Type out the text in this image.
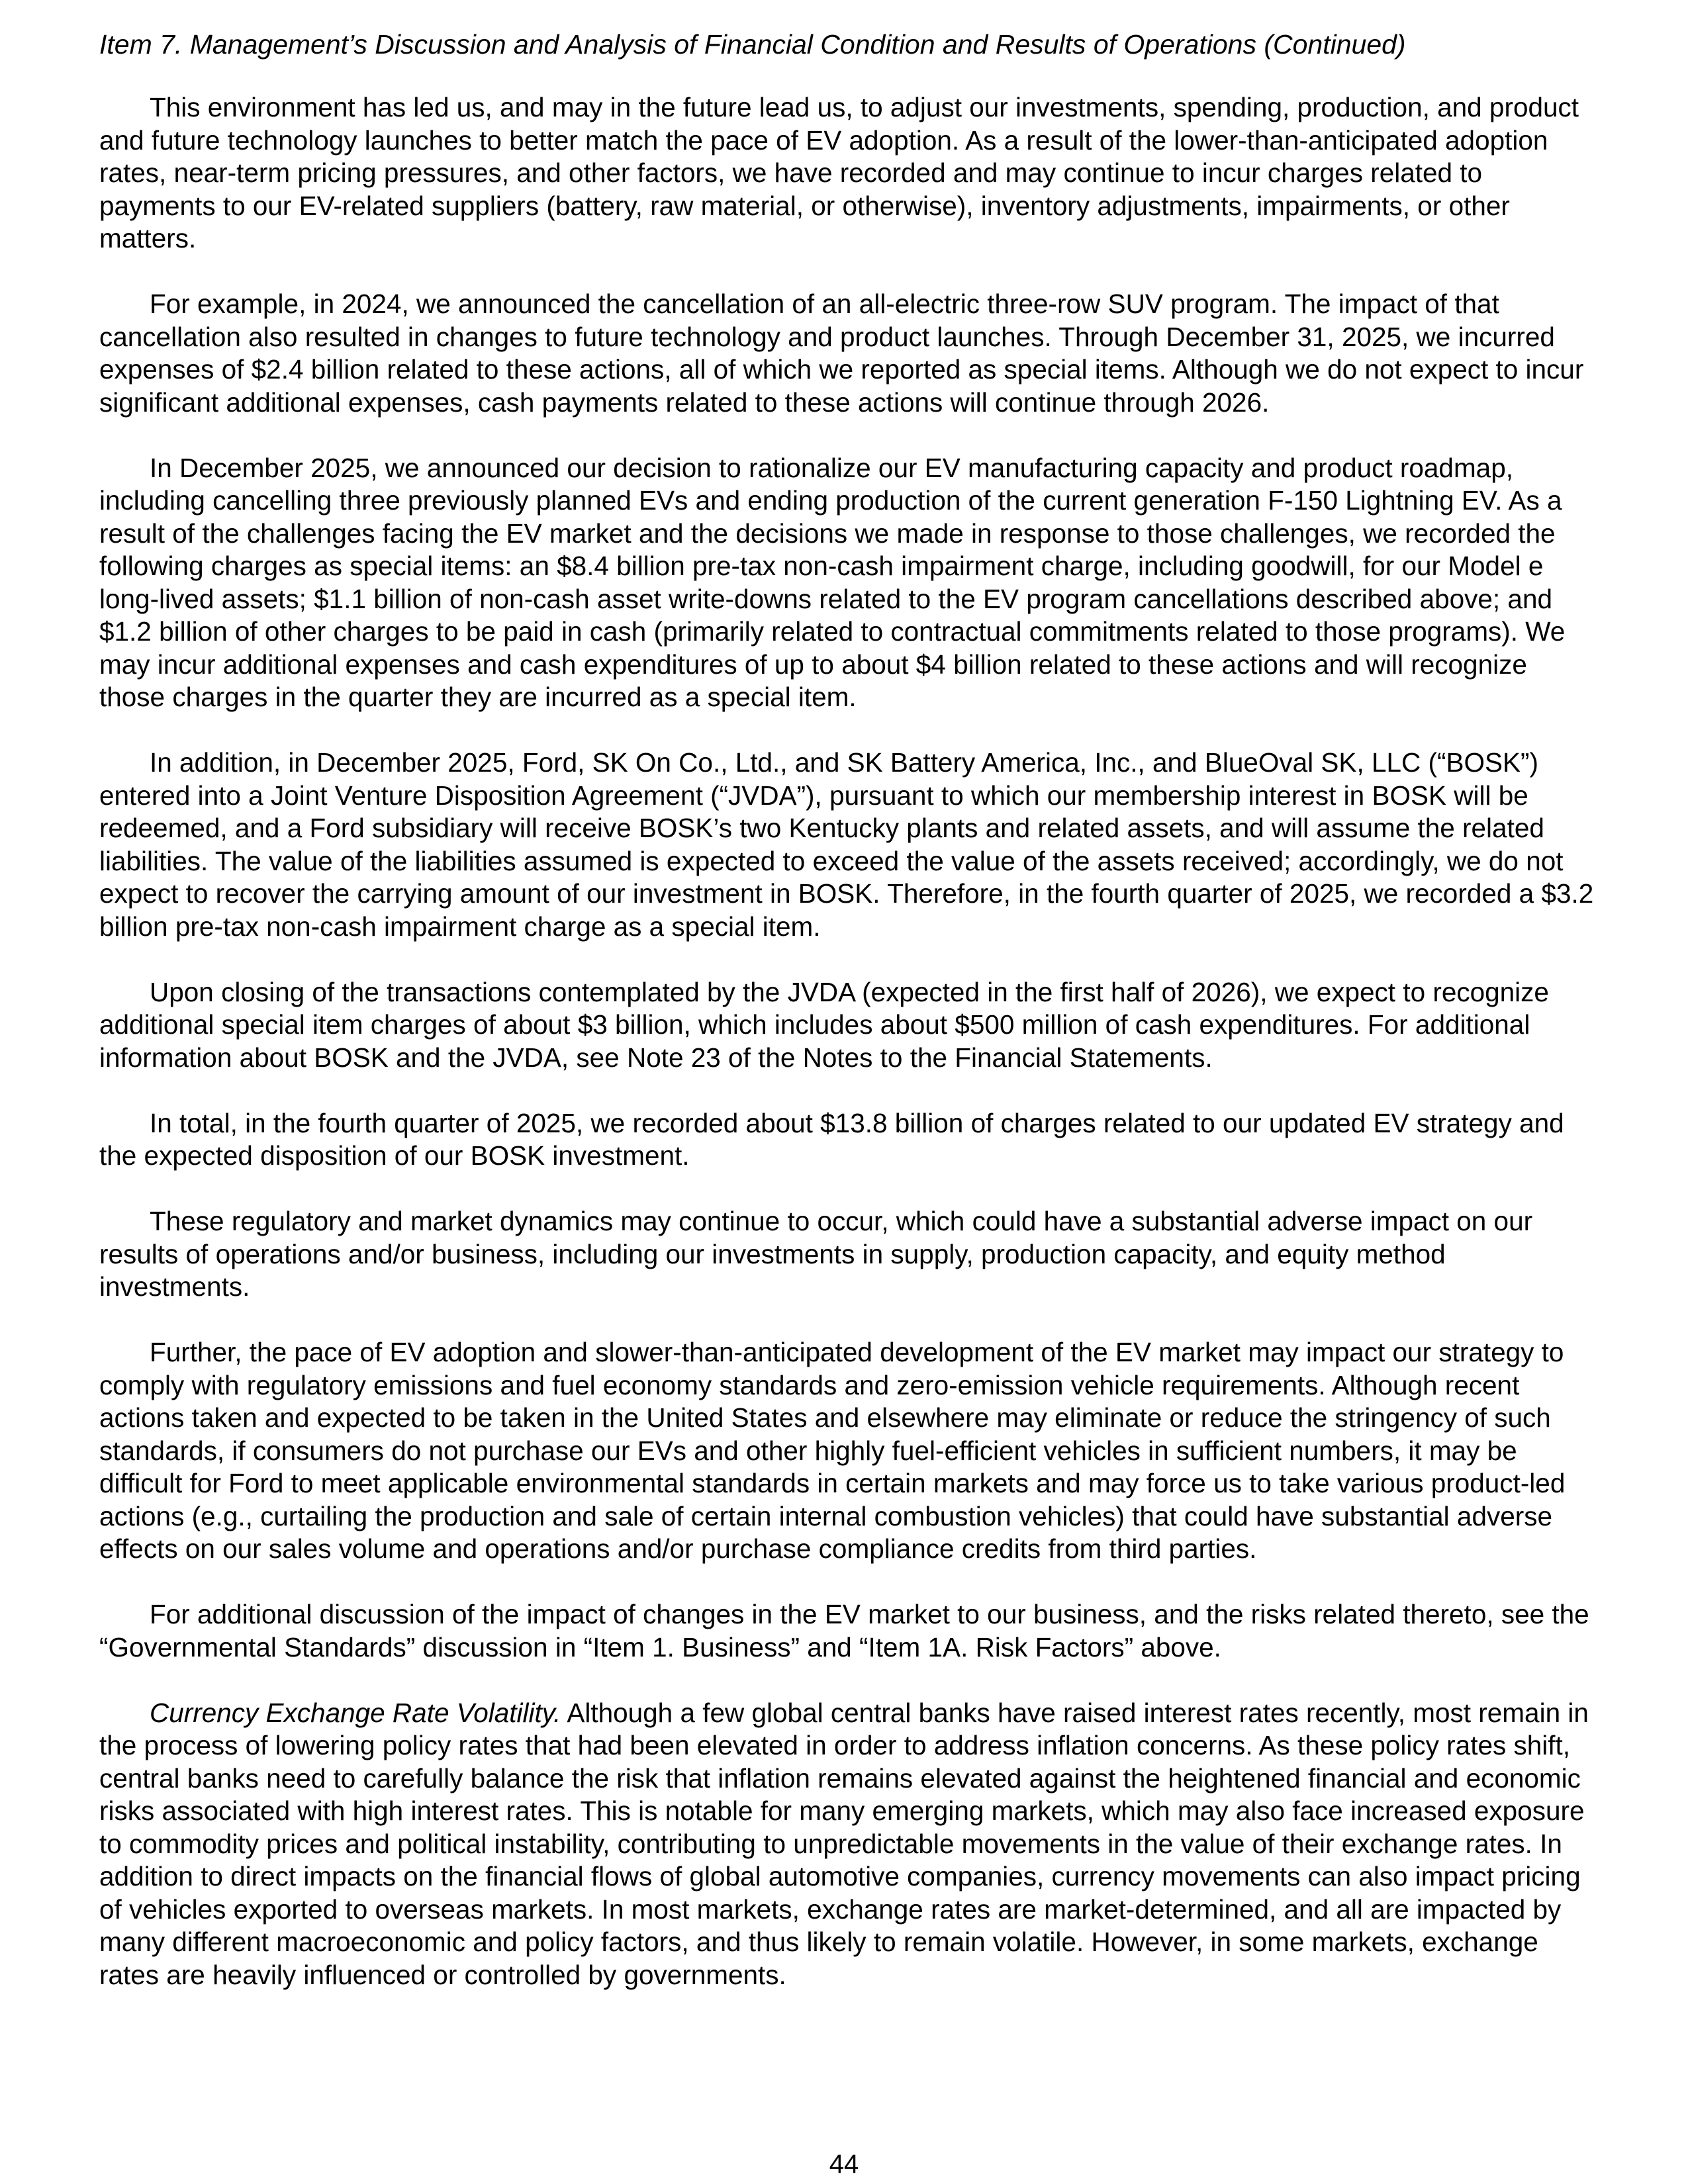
Item 7. Management’s Discussion and Analysis of Financial Condition and Results of Operations (Continued)

This environment has led us, and may in the future lead us, to adjust our investments, spending, production, and product and future technology launches to better match the pace of EV adoption. As a result of the lower-than-anticipated adoption rates, near-term pricing pressures, and other factors, we have recorded and may continue to incur charges related to payments to our EV-related suppliers (battery, raw material, or otherwise), inventory adjustments, impairments, or other matters.

For example, in 2024, we announced the cancellation of an all-electric three-row SUV program. The impact of that cancellation also resulted in changes to future technology and product launches. Through December 31, 2025, we incurred expenses of $2.4 billion related to these actions, all of which we reported as special items. Although we do not expect to incur significant additional expenses, cash payments related to these actions will continue through 2026.

In December 2025, we announced our decision to rationalize our EV manufacturing capacity and product roadmap, including cancelling three previously planned EVs and ending production of the current generation F-150 Lightning EV. As a result of the challenges facing the EV market and the decisions we made in response to those challenges, we recorded the following charges as special items: an $8.4 billion pre-tax non-cash impairment charge, including goodwill, for our Model e long-lived assets; $1.1 billion of non-cash asset write-downs related to the EV program cancellations described above; and $1.2 billion of other charges to be paid in cash (primarily related to contractual commitments related to those programs). We may incur additional expenses and cash expenditures of up to about $4 billion related to these actions and will recognize those charges in the quarter they are incurred as a special item.

In addition, in December 2025, Ford, SK On Co., Ltd., and SK Battery America, Inc., and BlueOval SK, LLC (“BOSK”) entered into a Joint Venture Disposition Agreement (“JVDA”), pursuant to which our membership interest in BOSK will be redeemed, and a Ford subsidiary will receive BOSK’s two Kentucky plants and related assets, and will assume the related liabilities. The value of the liabilities assumed is expected to exceed the value of the assets received; accordingly, we do not expect to recover the carrying amount of our investment in BOSK. Therefore, in the fourth quarter of 2025, we recorded a $3.2 billion pre-tax non-cash impairment charge as a special item.

Upon closing of the transactions contemplated by the JVDA (expected in the first half of 2026), we expect to recognize additional special item charges of about $3 billion, which includes about $500 million of cash expenditures. For additional information about BOSK and the JVDA, see Note 23 of the Notes to the Financial Statements.

In total, in the fourth quarter of 2025, we recorded about $13.8 billion of charges related to our updated EV strategy and the expected disposition of our BOSK investment.

These regulatory and market dynamics may continue to occur, which could have a substantial adverse impact on our results of operations and/or business, including our investments in supply, production capacity, and equity method investments.

Further, the pace of EV adoption and slower-than-anticipated development of the EV market may impact our strategy to comply with regulatory emissions and fuel economy standards and zero-emission vehicle requirements. Although recent actions taken and expected to be taken in the United States and elsewhere may eliminate or reduce the stringency of such standards, if consumers do not purchase our EVs and other highly fuel-efficient vehicles in sufficient numbers, it may be difficult for Ford to meet applicable environmental standards in certain markets and may force us to take various product-led actions (e.g., curtailing the production and sale of certain internal combustion vehicles) that could have substantial adverse effects on our sales volume and operations and/or purchase compliance credits from third parties.

For additional discussion of the impact of changes in the EV market to our business, and the risks related thereto, see the “Governmental Standards” discussion in “Item 1. Business” and “Item 1A. Risk Factors” above.

Currency Exchange Rate Volatility. Although a few global central banks have raised interest rates recently, most remain in the process of lowering policy rates that had been elevated in order to address inflation concerns. As these policy rates shift, central banks need to carefully balance the risk that inflation remains elevated against the heightened financial and economic risks associated with high interest rates. This is notable for many emerging markets, which may also face increased exposure to commodity prices and political instability, contributing to unpredictable movements in the value of their exchange rates. In addition to direct impacts on the financial flows of global automotive companies, currency movements can also impact pricing of vehicles exported to overseas markets. In most markets, exchange rates are market-determined, and all are impacted by many different macroeconomic and policy factors, and thus likely to remain volatile. However, in some markets, exchange rates are heavily influenced or controlled by governments.

44
